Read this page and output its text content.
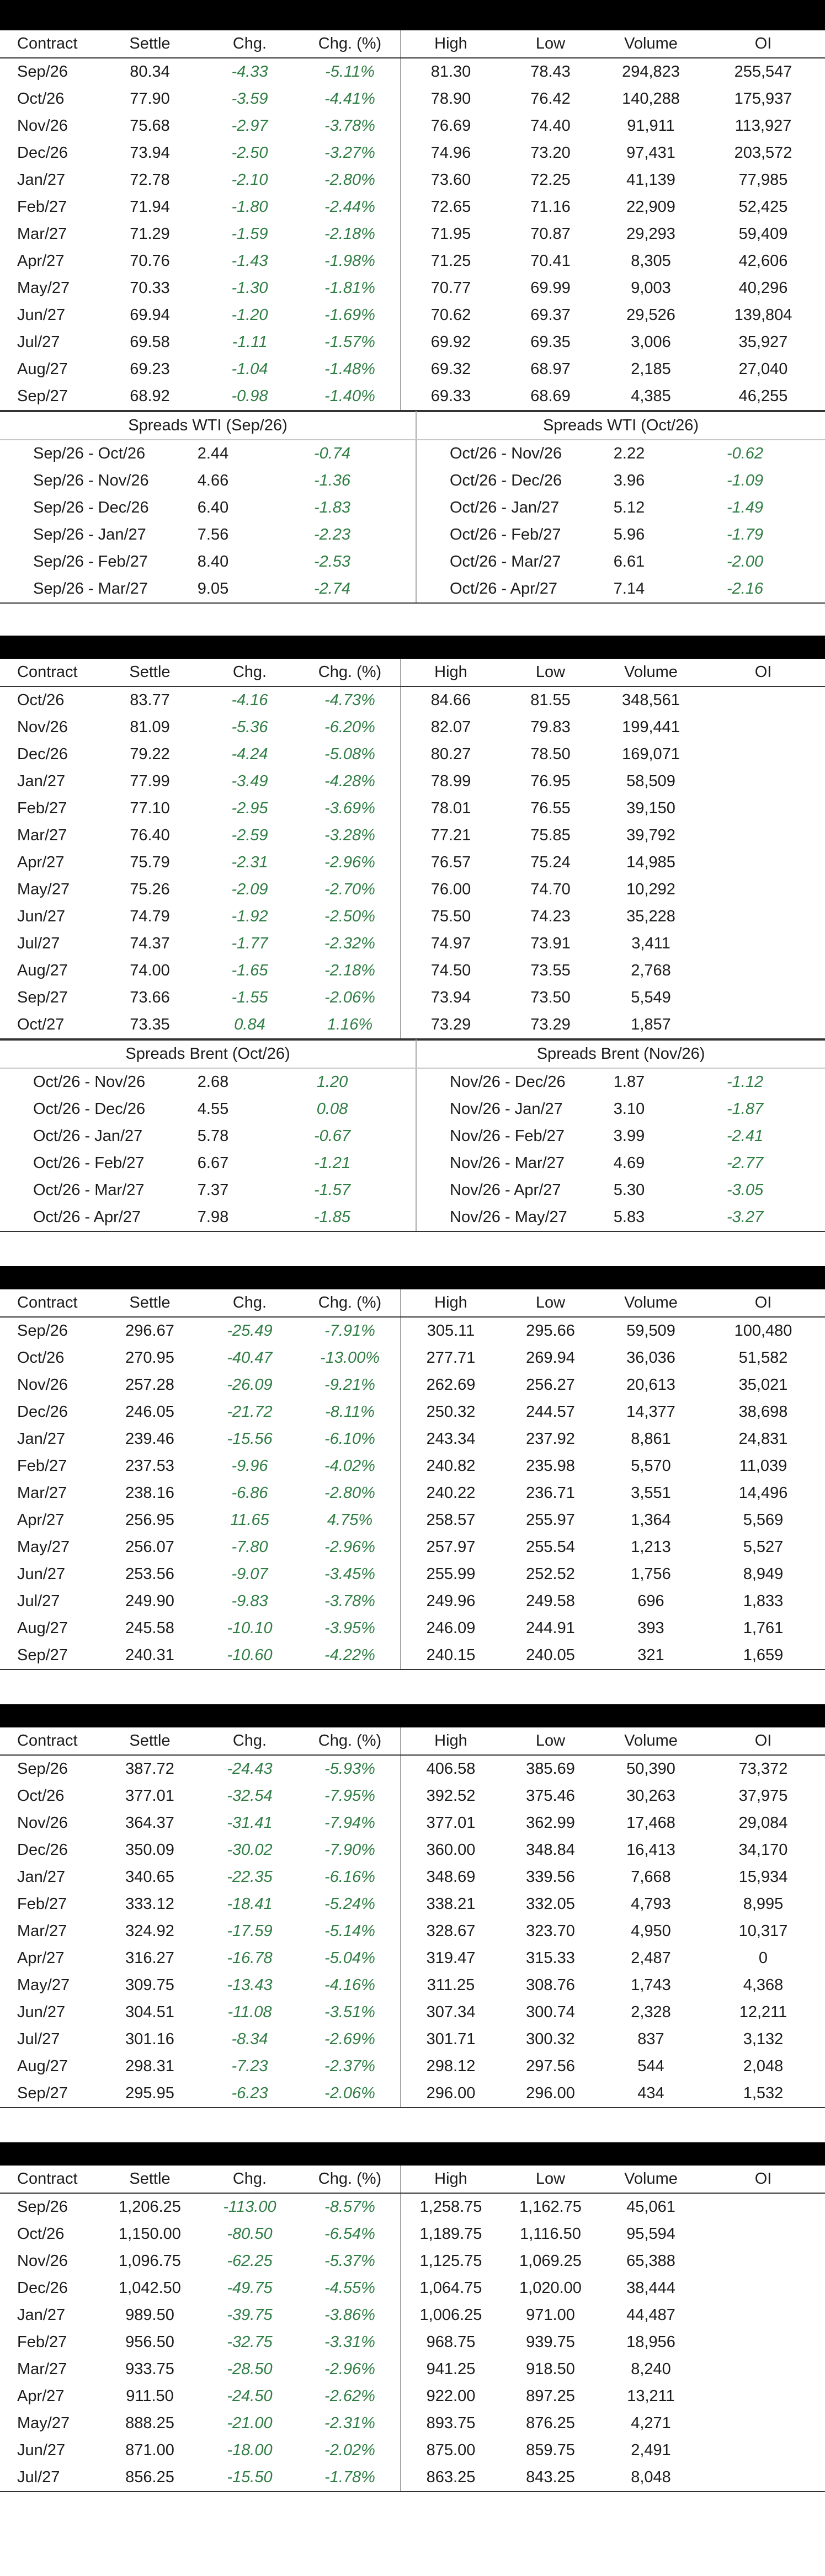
Contract	Settle	Chg.	Chg. (%)	High	Low	Volume	OI
Sep/26	80.34	-4.33	-5.11%	81.30	78.43	294,823	255,547
Oct/26	77.90	-3.59	-4.41%	78.90	76.42	140,288	175,937
Nov/26	75.68	-2.97	-3.78%	76.69	74.40	91,911	113,927
Dec/26	73.94	-2.50	-3.27%	74.96	73.20	97,431	203,572
Jan/27	72.78	-2.10	-2.80%	73.60	72.25	41,139	77,985
Feb/27	71.94	-1.80	-2.44%	72.65	71.16	22,909	52,425
Mar/27	71.29	-1.59	-2.18%	71.95	70.87	29,293	59,409
Apr/27	70.76	-1.43	-1.98%	71.25	70.41	8,305	42,606
May/27	70.33	-1.30	-1.81%	70.77	69.99	9,003	40,296
Jun/27	69.94	-1.20	-1.69%	70.62	69.37	29,526	139,804
Jul/27	69.58	-1.11	-1.57%	69.92	69.35	3,006	35,927
Aug/27	69.23	-1.04	-1.48%	69.32	68.97	2,185	27,040
Sep/27	68.92	-0.98	-1.40%	69.33	68.69	4,385	46,255
Spreads WTI (Sep/26)			Spreads WTI (Oct/26)		
Sep/26 - Oct/26	2.44	-0.74	Oct/26 - Nov/26	2.22	-0.62
Sep/26 - Nov/26	4.66	-1.36	Oct/26 - Dec/26	3.96	-1.09
Sep/26 - Dec/26	6.40	-1.83	Oct/26 - Jan/27	5.12	-1.49
Sep/26 - Jan/27	7.56	-2.23	Oct/26 - Feb/27	5.96	-1.79
Sep/26 - Feb/27	8.40	-2.53	Oct/26 - Mar/27	6.61	-2.00
Sep/26 - Mar/27	9.05	-2.74	Oct/26 - Apr/27	7.14	-2.16
Contract	Settle	Chg.	Chg. (%)	High	Low	Volume	OI
Oct/26	83.77	-4.16	-4.73%	84.66	81.55	348,561	
Nov/26	81.09	-5.36	-6.20%	82.07	79.83	199,441	
Dec/26	79.22	-4.24	-5.08%	80.27	78.50	169,071	
Jan/27	77.99	-3.49	-4.28%	78.99	76.95	58,509	
Feb/27	77.10	-2.95	-3.69%	78.01	76.55	39,150	
Mar/27	76.40	-2.59	-3.28%	77.21	75.85	39,792	
Apr/27	75.79	-2.31	-2.96%	76.57	75.24	14,985	
May/27	75.26	-2.09	-2.70%	76.00	74.70	10,292	
Jun/27	74.79	-1.92	-2.50%	75.50	74.23	35,228	
Jul/27	74.37	-1.77	-2.32%	74.97	73.91	3,411	
Aug/27	74.00	-1.65	-2.18%	74.50	73.55	2,768	
Sep/27	73.66	-1.55	-2.06%	73.94	73.50	5,549	
Oct/27	73.35	0.84	1.16%	73.29	73.29	1,857	
Spreads Brent (Oct/26)			Spreads Brent (Nov/26)		
Oct/26 - Nov/26	2.68	1.20	Nov/26 - Dec/26	1.87	-1.12
Oct/26 - Dec/26	4.55	0.08	Nov/26 - Jan/27	3.10	-1.87
Oct/26 - Jan/27	5.78	-0.67	Nov/26 - Feb/27	3.99	-2.41
Oct/26 - Feb/27	6.67	-1.21	Nov/26 - Mar/27	4.69	-2.77
Oct/26 - Mar/27	7.37	-1.57	Nov/26 - Apr/27	5.30	-3.05
Oct/26 - Apr/27	7.98	-1.85	Nov/26 - May/27	5.83	-3.27
Contract	Settle	Chg.	Chg. (%)	High	Low	Volume	OI
Sep/26	296.67	-25.49	-7.91%	305.11	295.66	59,509	100,480
Oct/26	270.95	-40.47	-13.00%	277.71	269.94	36,036	51,582
Nov/26	257.28	-26.09	-9.21%	262.69	256.27	20,613	35,021
Dec/26	246.05	-21.72	-8.11%	250.32	244.57	14,377	38,698
Jan/27	239.46	-15.56	-6.10%	243.34	237.92	8,861	24,831
Feb/27	237.53	-9.96	-4.02%	240.82	235.98	5,570	11,039
Mar/27	238.16	-6.86	-2.80%	240.22	236.71	3,551	14,496
Apr/27	256.95	11.65	4.75%	258.57	255.97	1,364	5,569
May/27	256.07	-7.80	-2.96%	257.97	255.54	1,213	5,527
Jun/27	253.56	-9.07	-3.45%	255.99	252.52	1,756	8,949
Jul/27	249.90	-9.83	-3.78%	249.96	249.58	696	1,833
Aug/27	245.58	-10.10	-3.95%	246.09	244.91	393	1,761
Sep/27	240.31	-10.60	-4.22%	240.15	240.05	321	1,659
Contract	Settle	Chg.	Chg. (%)	High	Low	Volume	OI
Sep/26	387.72	-24.43	-5.93%	406.58	385.69	50,390	73,372
Oct/26	377.01	-32.54	-7.95%	392.52	375.46	30,263	37,975
Nov/26	364.37	-31.41	-7.94%	377.01	362.99	17,468	29,084
Dec/26	350.09	-30.02	-7.90%	360.00	348.84	16,413	34,170
Jan/27	340.65	-22.35	-6.16%	348.69	339.56	7,668	15,934
Feb/27	333.12	-18.41	-5.24%	338.21	332.05	4,793	8,995
Mar/27	324.92	-17.59	-5.14%	328.67	323.70	4,950	10,317
Apr/27	316.27	-16.78	-5.04%	319.47	315.33	2,487	0
May/27	309.75	-13.43	-4.16%	311.25	308.76	1,743	4,368
Jun/27	304.51	-11.08	-3.51%	307.34	300.74	2,328	12,211
Jul/27	301.16	-8.34	-2.69%	301.71	300.32	837	3,132
Aug/27	298.31	-7.23	-2.37%	298.12	297.56	544	2,048
Sep/27	295.95	-6.23	-2.06%	296.00	296.00	434	1,532
Contract	Settle	Chg.	Chg. (%)	High	Low	Volume	OI
Sep/26	1,206.25	-113.00	-8.57%	1,258.75	1,162.75	45,061	
Oct/26	1,150.00	-80.50	-6.54%	1,189.75	1,116.50	95,594	
Nov/26	1,096.75	-62.25	-5.37%	1,125.75	1,069.25	65,388	
Dec/26	1,042.50	-49.75	-4.55%	1,064.75	1,020.00	38,444	
Jan/27	989.50	-39.75	-3.86%	1,006.25	971.00	44,487	
Feb/27	956.50	-32.75	-3.31%	968.75	939.75	18,956	
Mar/27	933.75	-28.50	-2.96%	941.25	918.50	8,240	
Apr/27	911.50	-24.50	-2.62%	922.00	897.25	13,211	
May/27	888.25	-21.00	-2.31%	893.75	876.25	4,271	
Jun/27	871.00	-18.00	-2.02%	875.00	859.75	2,491	
Jul/27	856.25	-15.50	-1.78%	863.25	843.25	8,048	
